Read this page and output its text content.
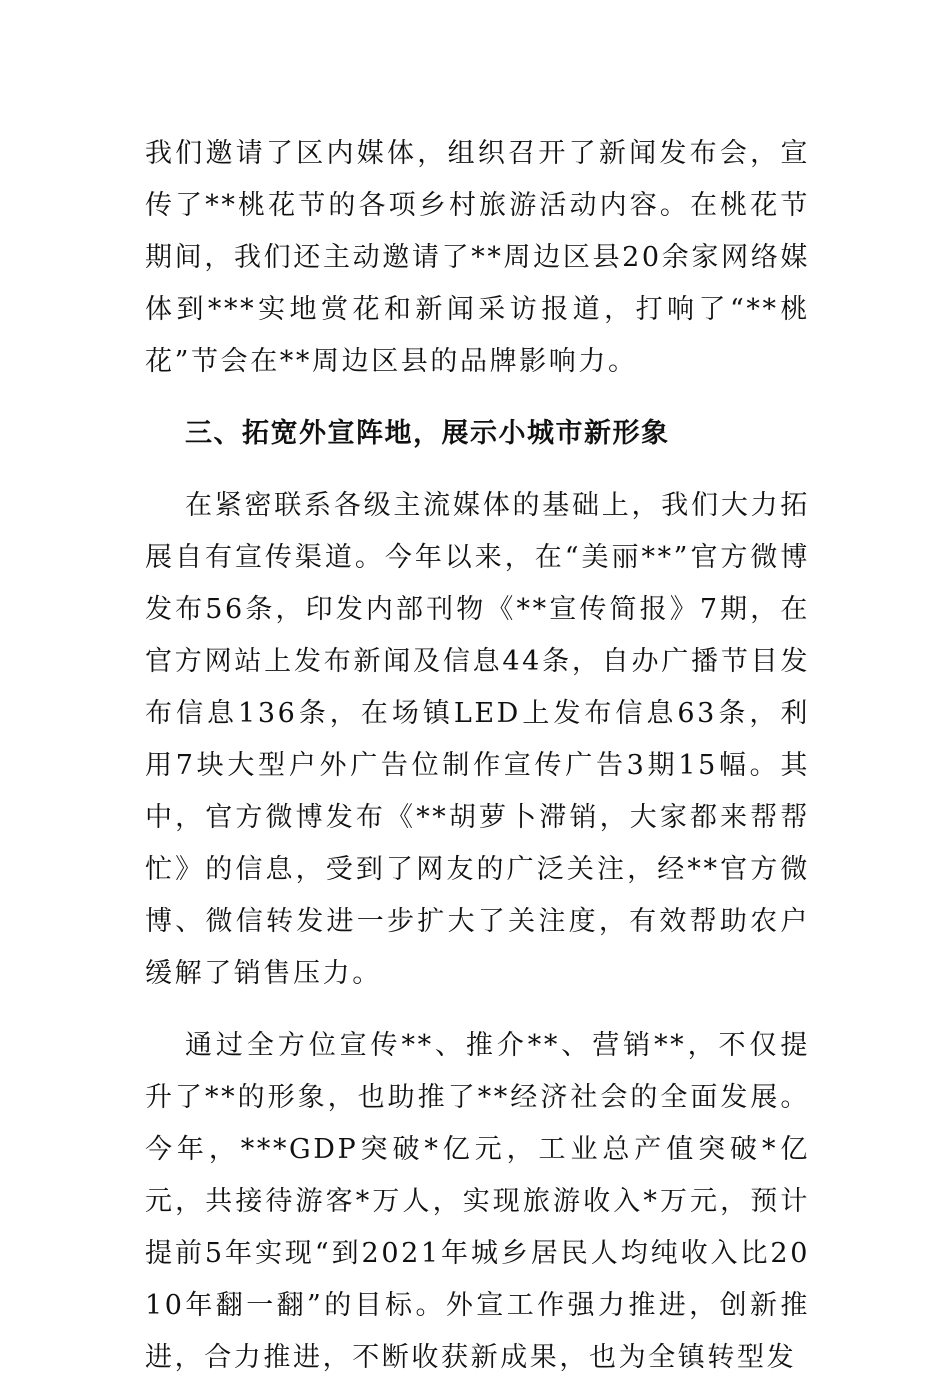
我们邀请了区内媒体，组织召开了新闻发布会，宣传了**桃花节的各项乡村旅游活动内容。在桃花节期间，我们还主动邀请了**周边区县20余家网络媒体到***实地赏花和新闻采访报道，打响了“**桃花”节会在**周边区县的品牌影响力。

三、拓宽外宣阵地，展示小城市新形象

在紧密联系各级主流媒体的基础上，我们大力拓展自有宣传渠道。今年以来，在“美丽**”官方微博发布56条，印发内部刊物《**宣传简报》7期，在官方网站上发布新闻及信息44条，自办广播节目发布信息136条，在场镇LED上发布信息63条，利用7块大型户外广告位制作宣传广告3期15幅。其中，官方微博发布《**胡萝卜滞销，大家都来帮帮忙》的信息，受到了网友的广泛关注，经**官方微博、微信转发进一步扩大了关注度，有效帮助农户缓解了销售压力。

通过全方位宣传**、推介**、营销**，不仅提升了**的形象，也助推了**经济社会的全面发展。今年，***GDP突破*亿元，工业总产值突破*亿元，共接待游客*万人，实现旅游收入*万元，预计提前5年实现“到2021年城乡居民人均纯收入比2010年翻一翻”的目标。外宣工作强力推进，创新推进，合力推进，不断收获新成果，也为全镇转型发
